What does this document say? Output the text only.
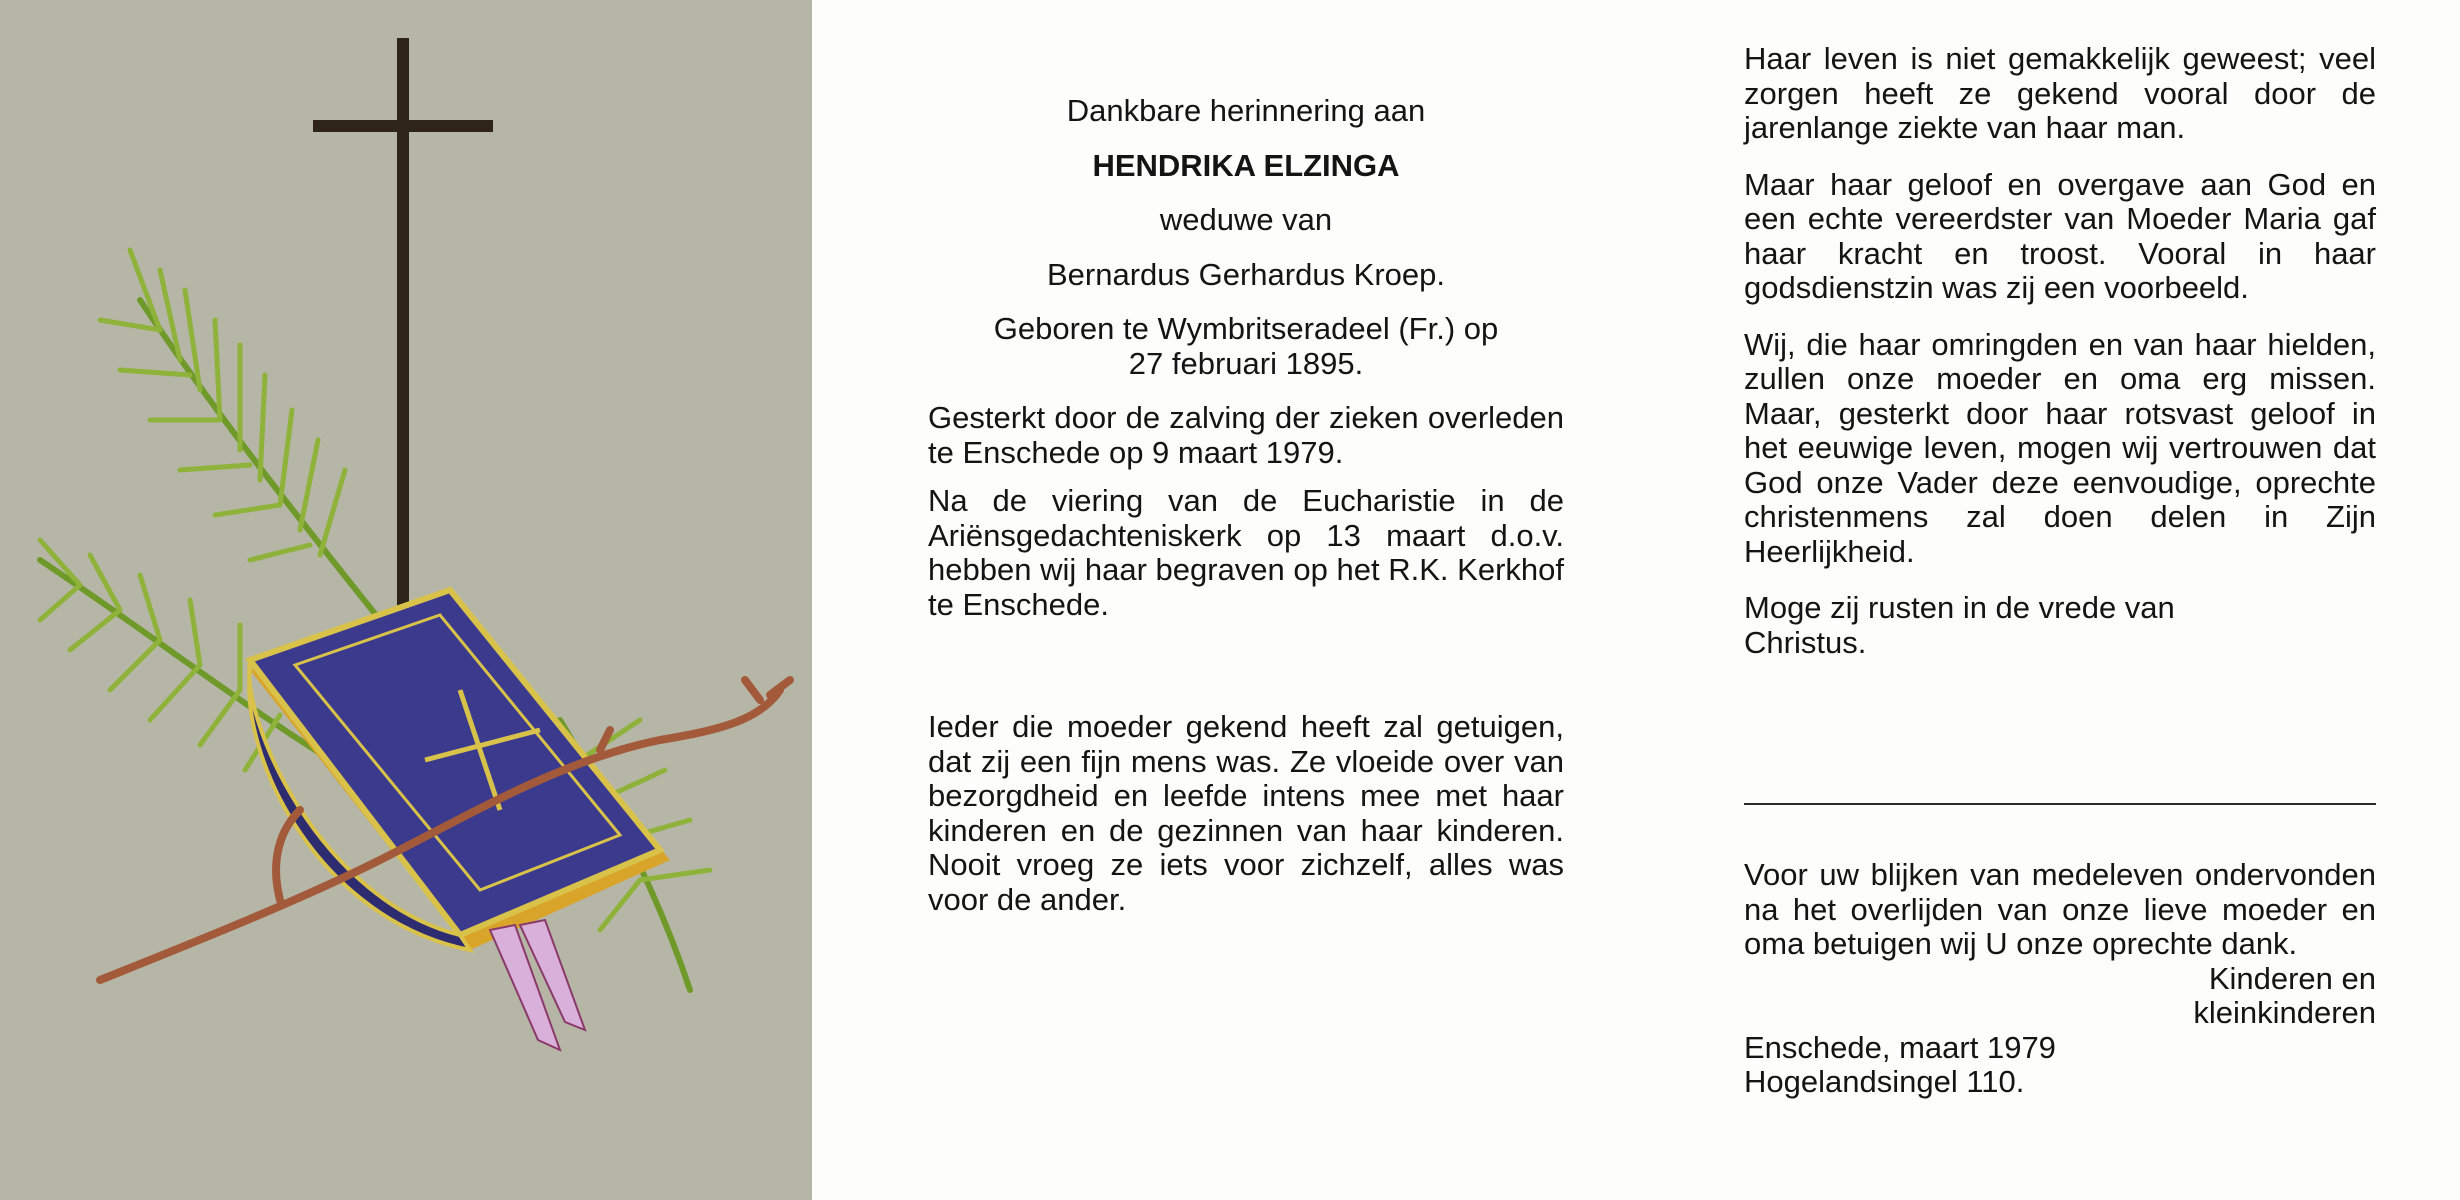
Dankbare herinnering aan

HENDRIKA ELZINGA

weduwe van

Bernardus Gerhardus Kroep.

Geboren te Wymbritseradeel (Fr.) op
27 februari 1895.

Gesterkt door de zalving der zieken overleden te Enschede op 9 maart 1979.

Na de viering van de Eucharistie in de Ariënsgedachteniskerk op 13 maart d.o.v. hebben wij haar begraven op het R.K. Kerkhof te Enschede.

Ieder die moeder gekend heeft zal getuigen, dat zij een fijn mens was. Ze vloeide over van bezorgdheid en leefde intens mee met haar kinderen en de gezinnen van haar kinderen. Nooit vroeg ze iets voor zichzelf, alles was voor de ander.

Haar leven is niet gemakkelijk geweest; veel zorgen heeft ze gekend vooral door de jarenlange ziekte van haar man.

Maar haar geloof en overgave aan God en een echte vereerdster van Moeder Maria gaf haar kracht en troost. Vooral in haar godsdienstzin was zij een voorbeeld.

Wij, die haar omringden en van haar hielden, zullen onze moeder en oma erg missen. Maar, gesterkt door haar rotsvast geloof in het eeuwige leven, mogen wij vertrouwen dat God onze Vader deze eenvoudige, oprechte christenmens zal doen delen in Zijn Heerlijkheid.

Moge zij rusten in de vrede van Christus.

Voor uw blijken van medeleven ondervonden na het overlijden van onze lieve moeder en oma betuigen wij U onze oprechte dank.

Kinderen en

kleinkinderen

Enschede, maart 1979

Hogelandsingel 110.
